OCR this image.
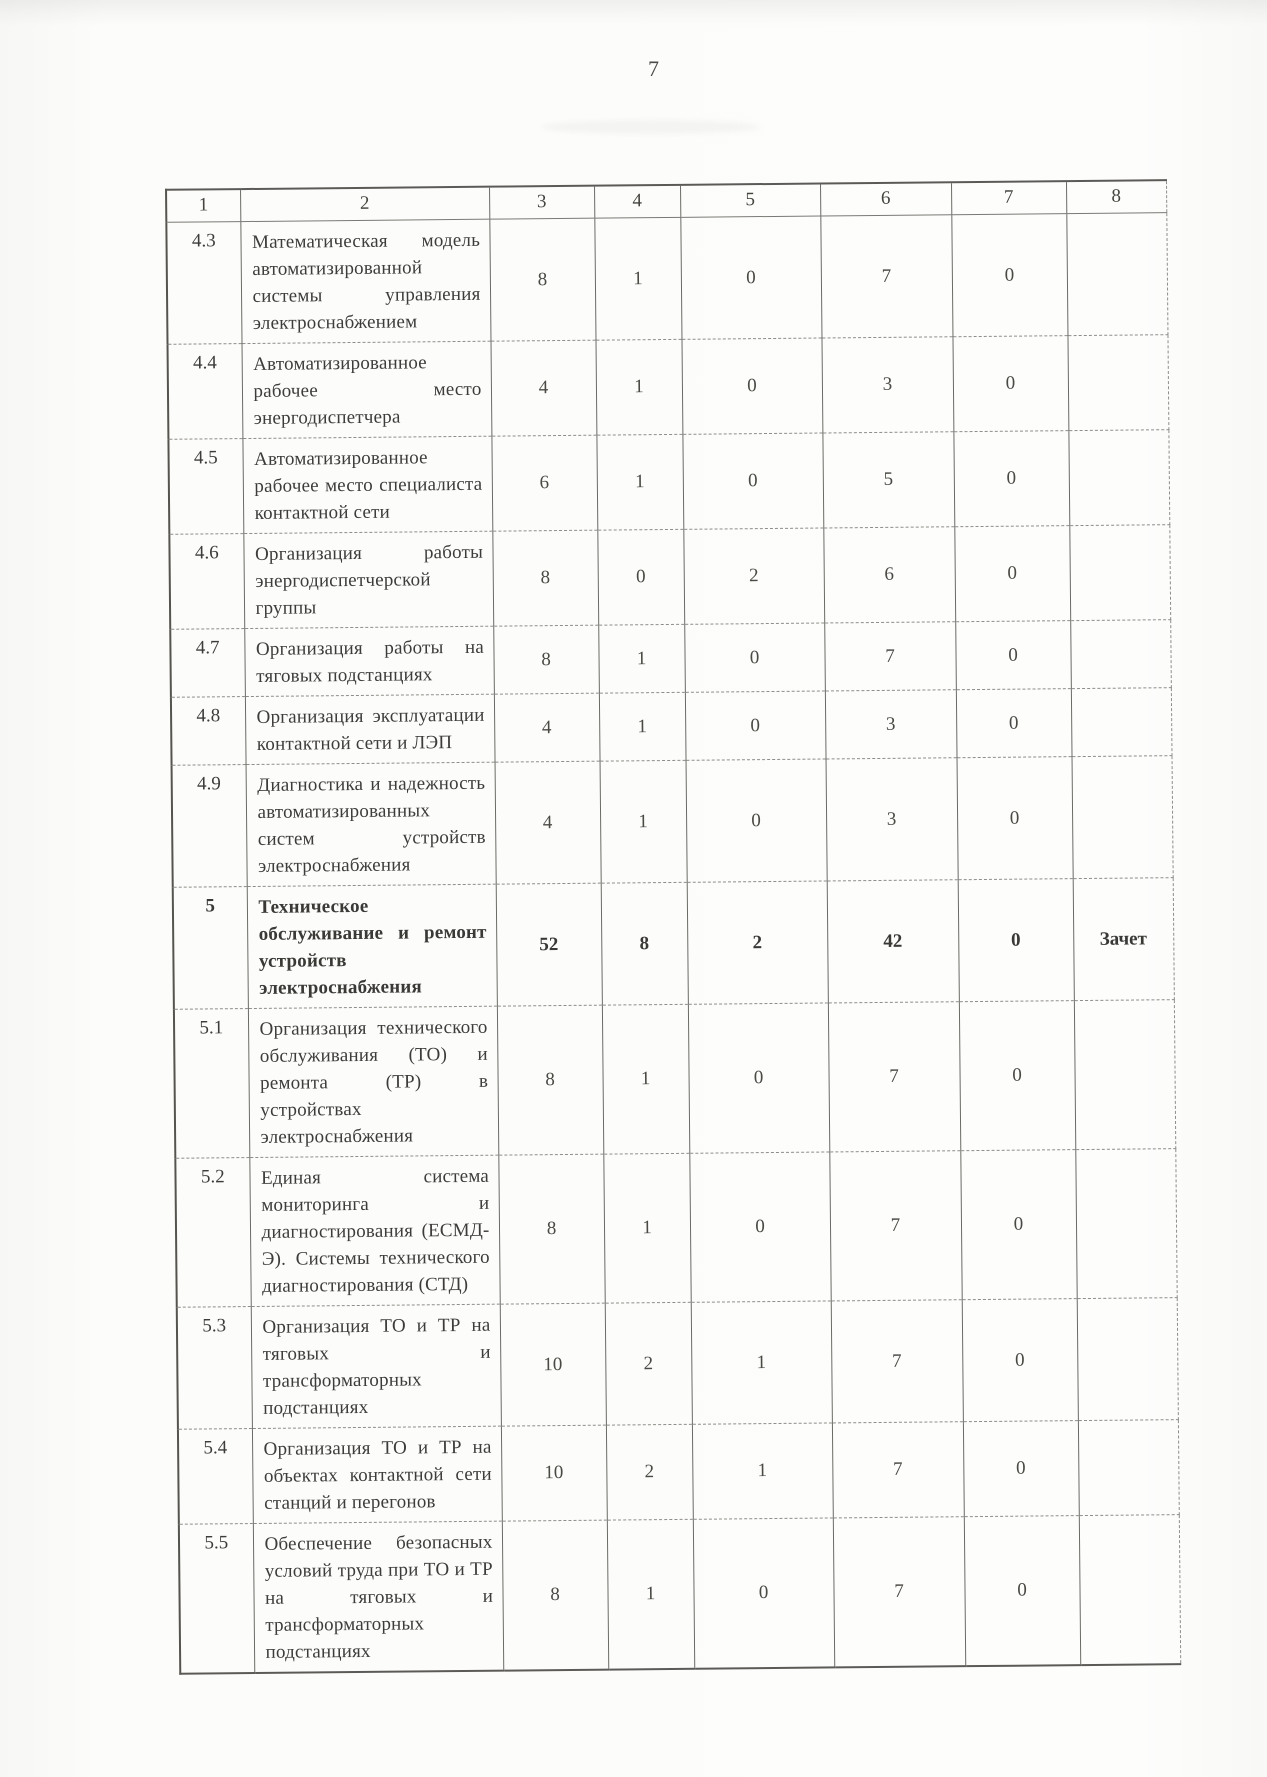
7
1	2	3	4	5	6	7	8
4.3	Математическая модель автоматизированной системы управления электроснабжением	8	1	0	7	0	
4.4	Автоматизированное рабочее место энергодиспетчера	4	1	0	3	0	
4.5	Автоматизированное рабочее место специалиста контактной сети	6	1	0	5	0	
4.6	Организация работы энергодиспетчерской группы	8	0	2	6	0	
4.7	Организация работы на тяговых подстанциях	8	1	0	7	0	
4.8	Организация эксплуатации контактной сети и ЛЭП	4	1	0	3	0	
4.9	Диагностика и надежность автоматизированных систем устройств электроснабжения	4	1	0	3	0	
5	Техническое обслуживание и ремонт устройств электроснабжения	52	8	2	42	0	Зачет
5.1	Организация технического обслуживания (ТО) и ремонта (ТР) в устройствах электроснабжения	8	1	0	7	0	
5.2	Единая система мониторинга и диагностирования (ЕСМД-Э). Системы технического диагностирования (СТД)	8	1	0	7	0	
5.3	Организация ТО и ТР на тяговых и трансформаторных подстанциях	10	2	1	7	0	
5.4	Организация ТО и ТР на объектах контактной сети станций и перегонов	10	2	1	7	0	
5.5	Обеспечение безопасных условий труда при ТО и ТР на тяговых и трансформаторных подстанциях	8	1	0	7	0	
